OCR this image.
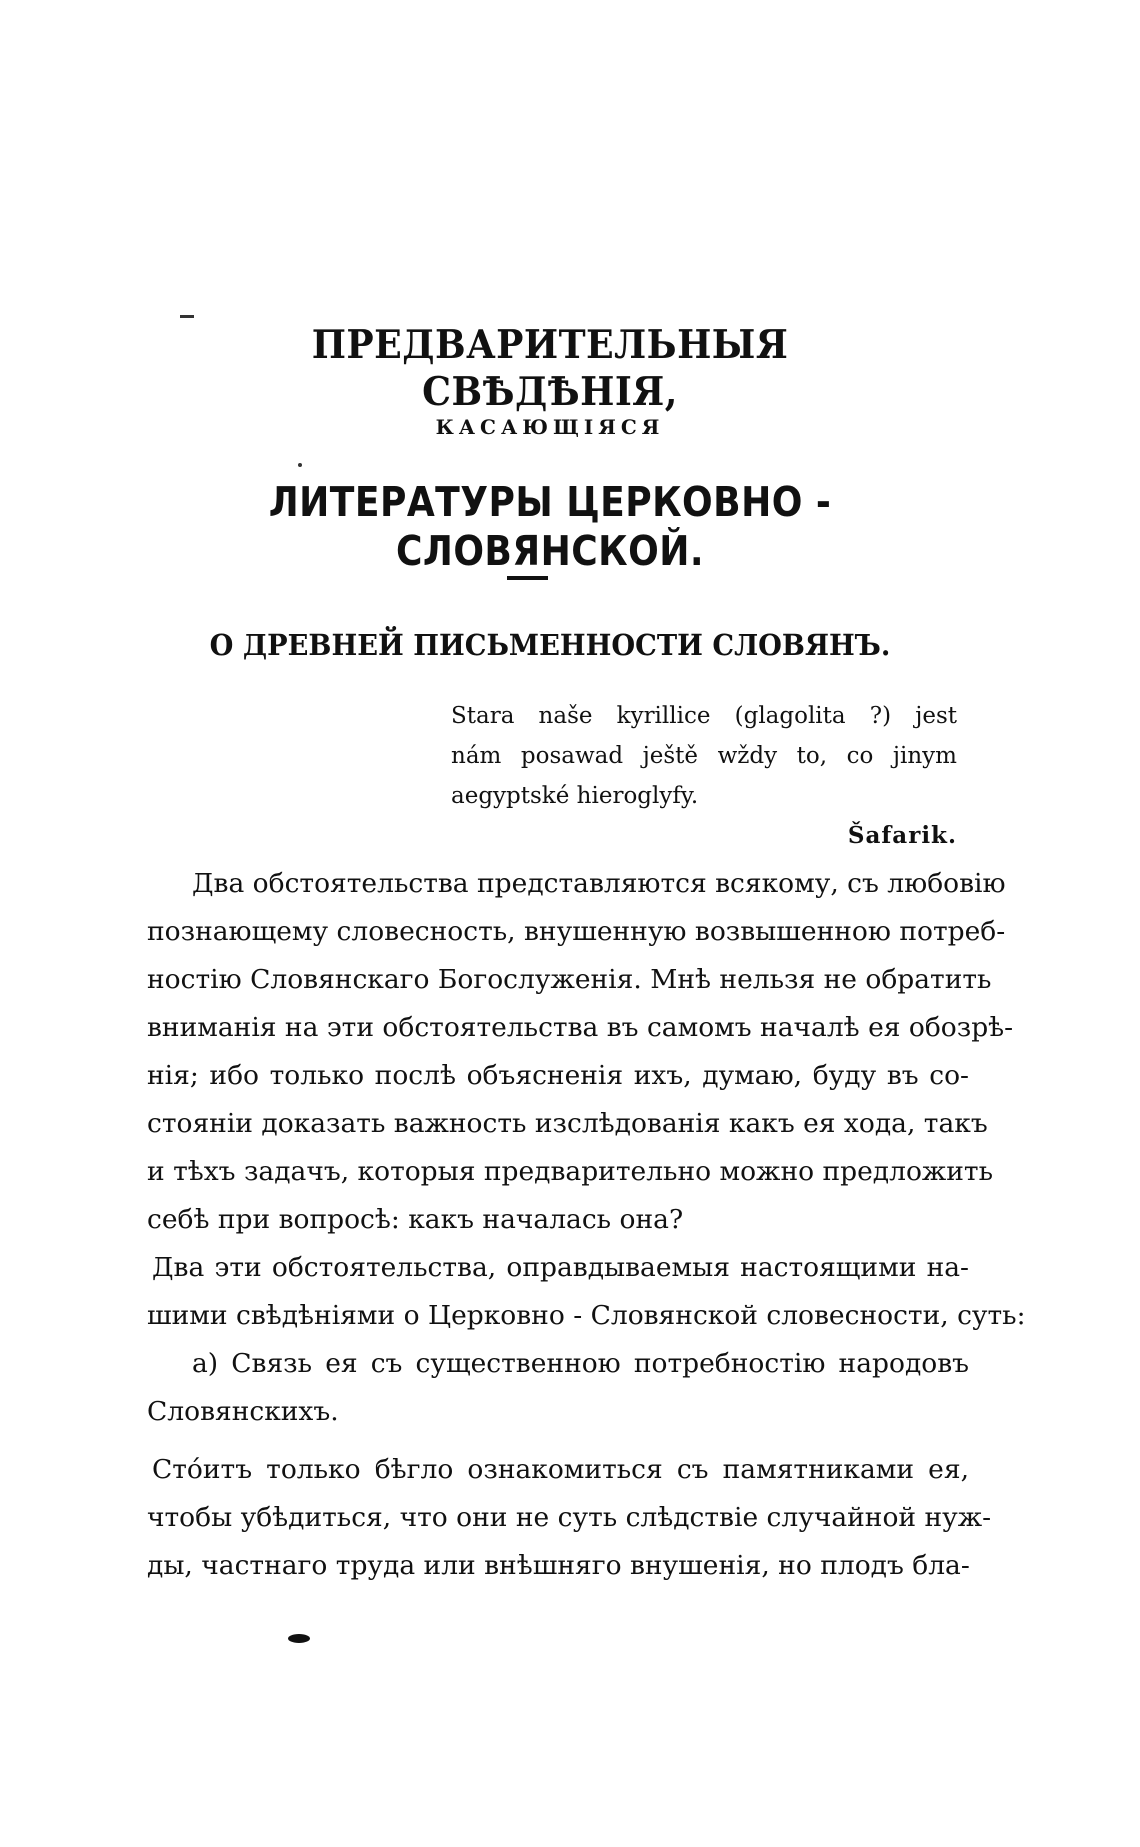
ПРЕДВАРИТЕЛЬНЫЯ СВѢДѢНІЯ,
КАСАЮЩІЯСЯ
ЛИТЕРАТУРЫ ЦЕРКОВНО - СЛОВЯНСКОЙ.
О ДРЕВНЕЙ ПИСЬМЕННОСТИ СЛОВЯНЪ.
Stara naše kyrillice (glagolita ?) jest
nám posawad ještě wždy to, co jinym
aegyptské hieroglyfy.
Šafarik.
Два обстоятельства представляются всякому, съ любовію
познающему словесность, внушенную возвышенною потреб-
ностію Словянскаго Богослуженія. Мнѣ нельзя не обратить
вниманія на эти обстоятельства въ самомъ началѣ ея обозрѣ-
нія; ибо только послѣ объясненія ихъ, думаю, буду въ со-
стояніи доказать важность изслѣдованія какъ ея хода, такъ
и тѣхъ задачъ, которыя предварительно можно предложить
себѣ при вопросѣ: какъ началась она?
Два эти обстоятельства, оправдываемыя настоящими на-
шими свѣдѣніями о Церковно - Словянской словесности, суть:
а) Связь ея съ существенною потребностію народовъ
Словянскихъ.
Стóитъ только бѣгло ознакомиться съ памятниками ея,
чтобы убѣдиться, что они не суть слѣдствіе случайной нуж-
ды, частнаго труда или внѣшняго внушенія, но плодъ бла-
